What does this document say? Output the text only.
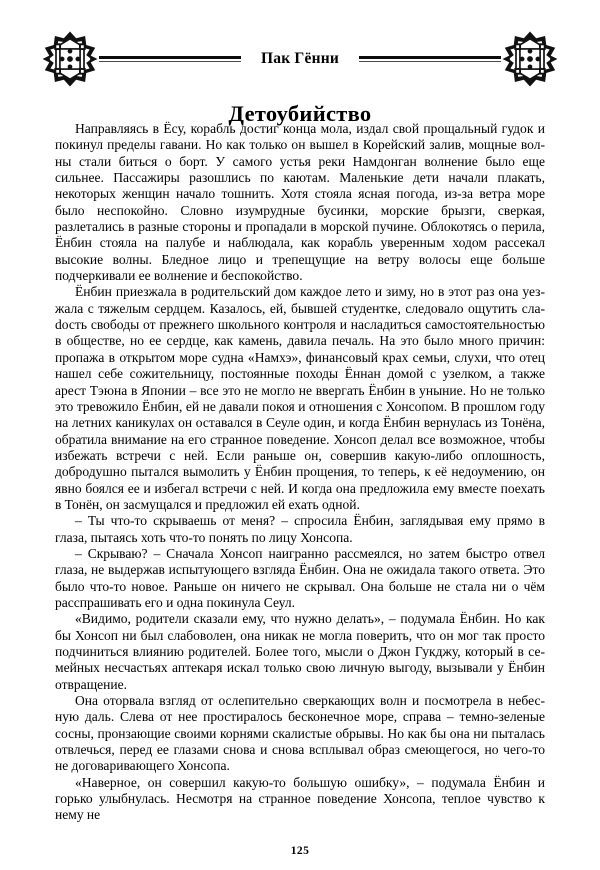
Пак Гённи
Детоубийство

Направляясь в Ёсу, корабль достиг конца мола, издал свой прощальный гудок и покинул пределы гавани. Но как только он вышел в Корейский залив, мощные волны стали биться о борт. У самого устья реки Намдонган волнение было еще сильнее. Пассажиры разошлись по каютам. Маленькие дети начали плакать, некоторых женщин начало тошнить. Хотя стояла ясная погода, из-за ветра море было неспокойно. Словно изумрудные бусинки, морские брызги, сверкая, разлетались в разные стороны и пропадали в морской пучине. Облокотясь о перила, Ёнбин стояла на палубе и наблюдала, как корабль уверенным ходом рассекал высокие волны. Бледное лицо и трепещущие на ветру волосы еще больше подчеркивали ее волнение и беспокойство.

Ёнбин приезжала в родительский дом каждое лето и зиму, но в этот раз она уезжала с тяжелым сердцем. Казалось, ей, бывшей студентке, следовало ощутить слаdость свободы от прежнего школьного контроля и насладиться самостоятельностью в обществе, но ее сердце, как камень, давила печаль. На это было много причин: пропажа в открытом море судна «Намхэ», финансовый крах семьи, слухи, что отец нашел себе сожительницу, постоянные походы Ённан домой с узелком, а также арест Тэюна в Японии – все это не могло не ввергать Ёнбин в уныние. Но не только это тревожило Ёнбин, ей не давали покоя и отношения с Хонсопом. В прошлом году на летних каникулах он оставался в Сеуле один, и когда Ёнбин вернулась из Тонёна, обратила внимание на его странное поведение. Хонсоп делал все возможное, чтобы избежать встречи с ней. Если раньше он, совершив какую-либо оплошность, добродушно пытался вымолить у Ёнбин прощения, то теперь, к её недоумению, он явно боялся ее и избегал встречи с ней. И когда она предложила ему вместе поехать в Тонён, он засмущался и предложил ей ехать одной.

– Ты что-то скрываешь от меня? – спросила Ёнбин, заглядывая ему прямо в глаза, пытаясь хоть что-то понять по лицу Хонсопа.

– Скрываю? – Сначала Хонсоп наигранно рассмеялся, но затем быстро отвел глаза, не выдержав испытующего взгляда Ёнбин. Она не ожидала такого ответа. Это было что-то новое. Раньше он ничего не скрывал. Она больше не стала ни о чём расспрашивать его и одна покинула Сеул.

«Видимо, родители сказали ему, что нужно делать», – подумала Ёнбин. Но как бы Хонсоп ни был слабоволен, она никак не могла поверить, что он мог так просто подчиниться влиянию родителей. Более того, мысли о Джон Гукджу, который в семейных несчастьях аптекаря искал только свою личную выгоду, вызывали у Ёнбин отвращение.

Она оторвала взгляд от ослепительно сверкающих волн и посмотрела в небесную даль. Слева от нее простиралось бесконечное море, справа – темно-зеленые сосны, пронзающие своими корнями скалистые обрывы. Но как бы она ни пыталась отвлечься, перед ее глазами снова и снова всплывал образ смеющегося, но чего-то не договаривающего Хонсопа.

«Наверное, он совершил какую-то большую ошибку», – подумала Ёнбин и горько улыбнулась. Несмотря на странное поведение Хонсопа, теплое чувство к нему не

125
